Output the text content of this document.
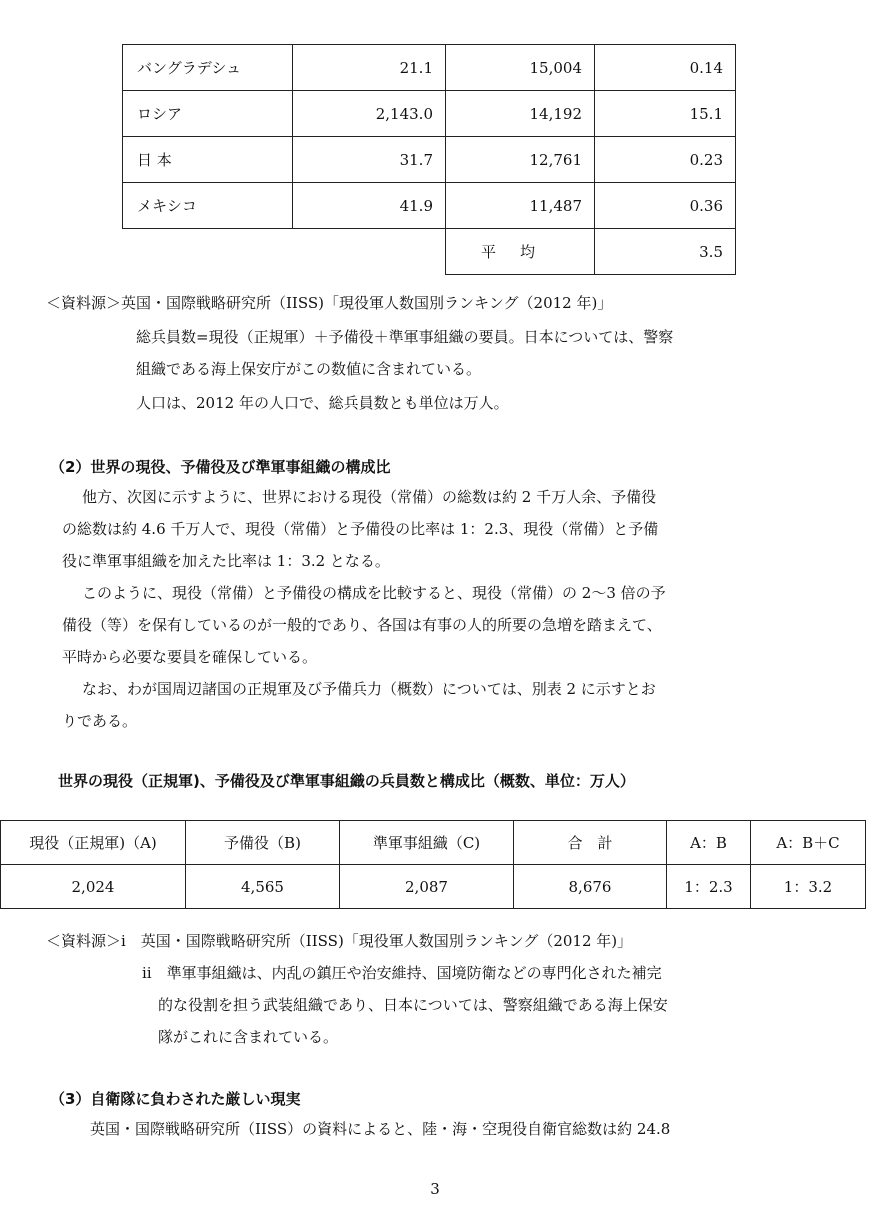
バングラデシュ	21.1	15,004	0.14
ロシア	2,143.0	14,192	15.1
日 本	31.7	12,761	0.23
メキシコ	41.9	11,487	0.36
		平均	3.5
＜資料源＞英国・国際戦略研究所（IISS)「現役軍人数国別ランキング（2012 年)」
総兵員数=現役（正規軍）＋予備役＋準軍事組織の要員。日本については、警察
組織である海上保安庁がこの数値に含まれている。
人口は、2012 年の人口で、総兵員数とも単位は万人。
（2）世界の現役、予備役及び準軍事組織の構成比
他方、次図に示すように、世界における現役（常備）の総数は約 2 千万人余、予備役
の総数は約 4.6 千万人で、現役（常備）と予備役の比率は 1：2.3、現役（常備）と予備
役に準軍事組織を加えた比率は 1：3.2 となる。
このように、現役（常備）と予備役の構成を比較すると、現役（常備）の 2〜3 倍の予
備役（等）を保有しているのが一般的であり、各国は有事の人的所要の急増を踏まえて、
平時から必要な要員を確保している。
なお、わが国周辺諸国の正規軍及び予備兵力（概数）については、別表 2 に示すとお
りである。
世界の現役（正規軍)、予備役及び準軍事組織の兵員数と構成比（概数、単位：万人）
現役（正規軍)（A)	予備役（B)	準軍事組織（C)	合　計	A：B	A：B＋C
2,024	4,565	2,087	8,676	1：2.3	1：3.2
＜資料源＞ⅰ　英国・国際戦略研究所（IISS)「現役軍人数国別ランキング（2012 年)」
ⅱ　準軍事組織は、内乱の鎮圧や治安維持、国境防衛などの専門化された補完
的な役割を担う武装組織であり、日本については、警察組織である海上保安
隊がこれに含まれている。
（3）自衛隊に負わされた厳しい現実
英国・国際戦略研究所（IISS）の資料によると、陸・海・空現役自衛官総数は約 24.8
3
